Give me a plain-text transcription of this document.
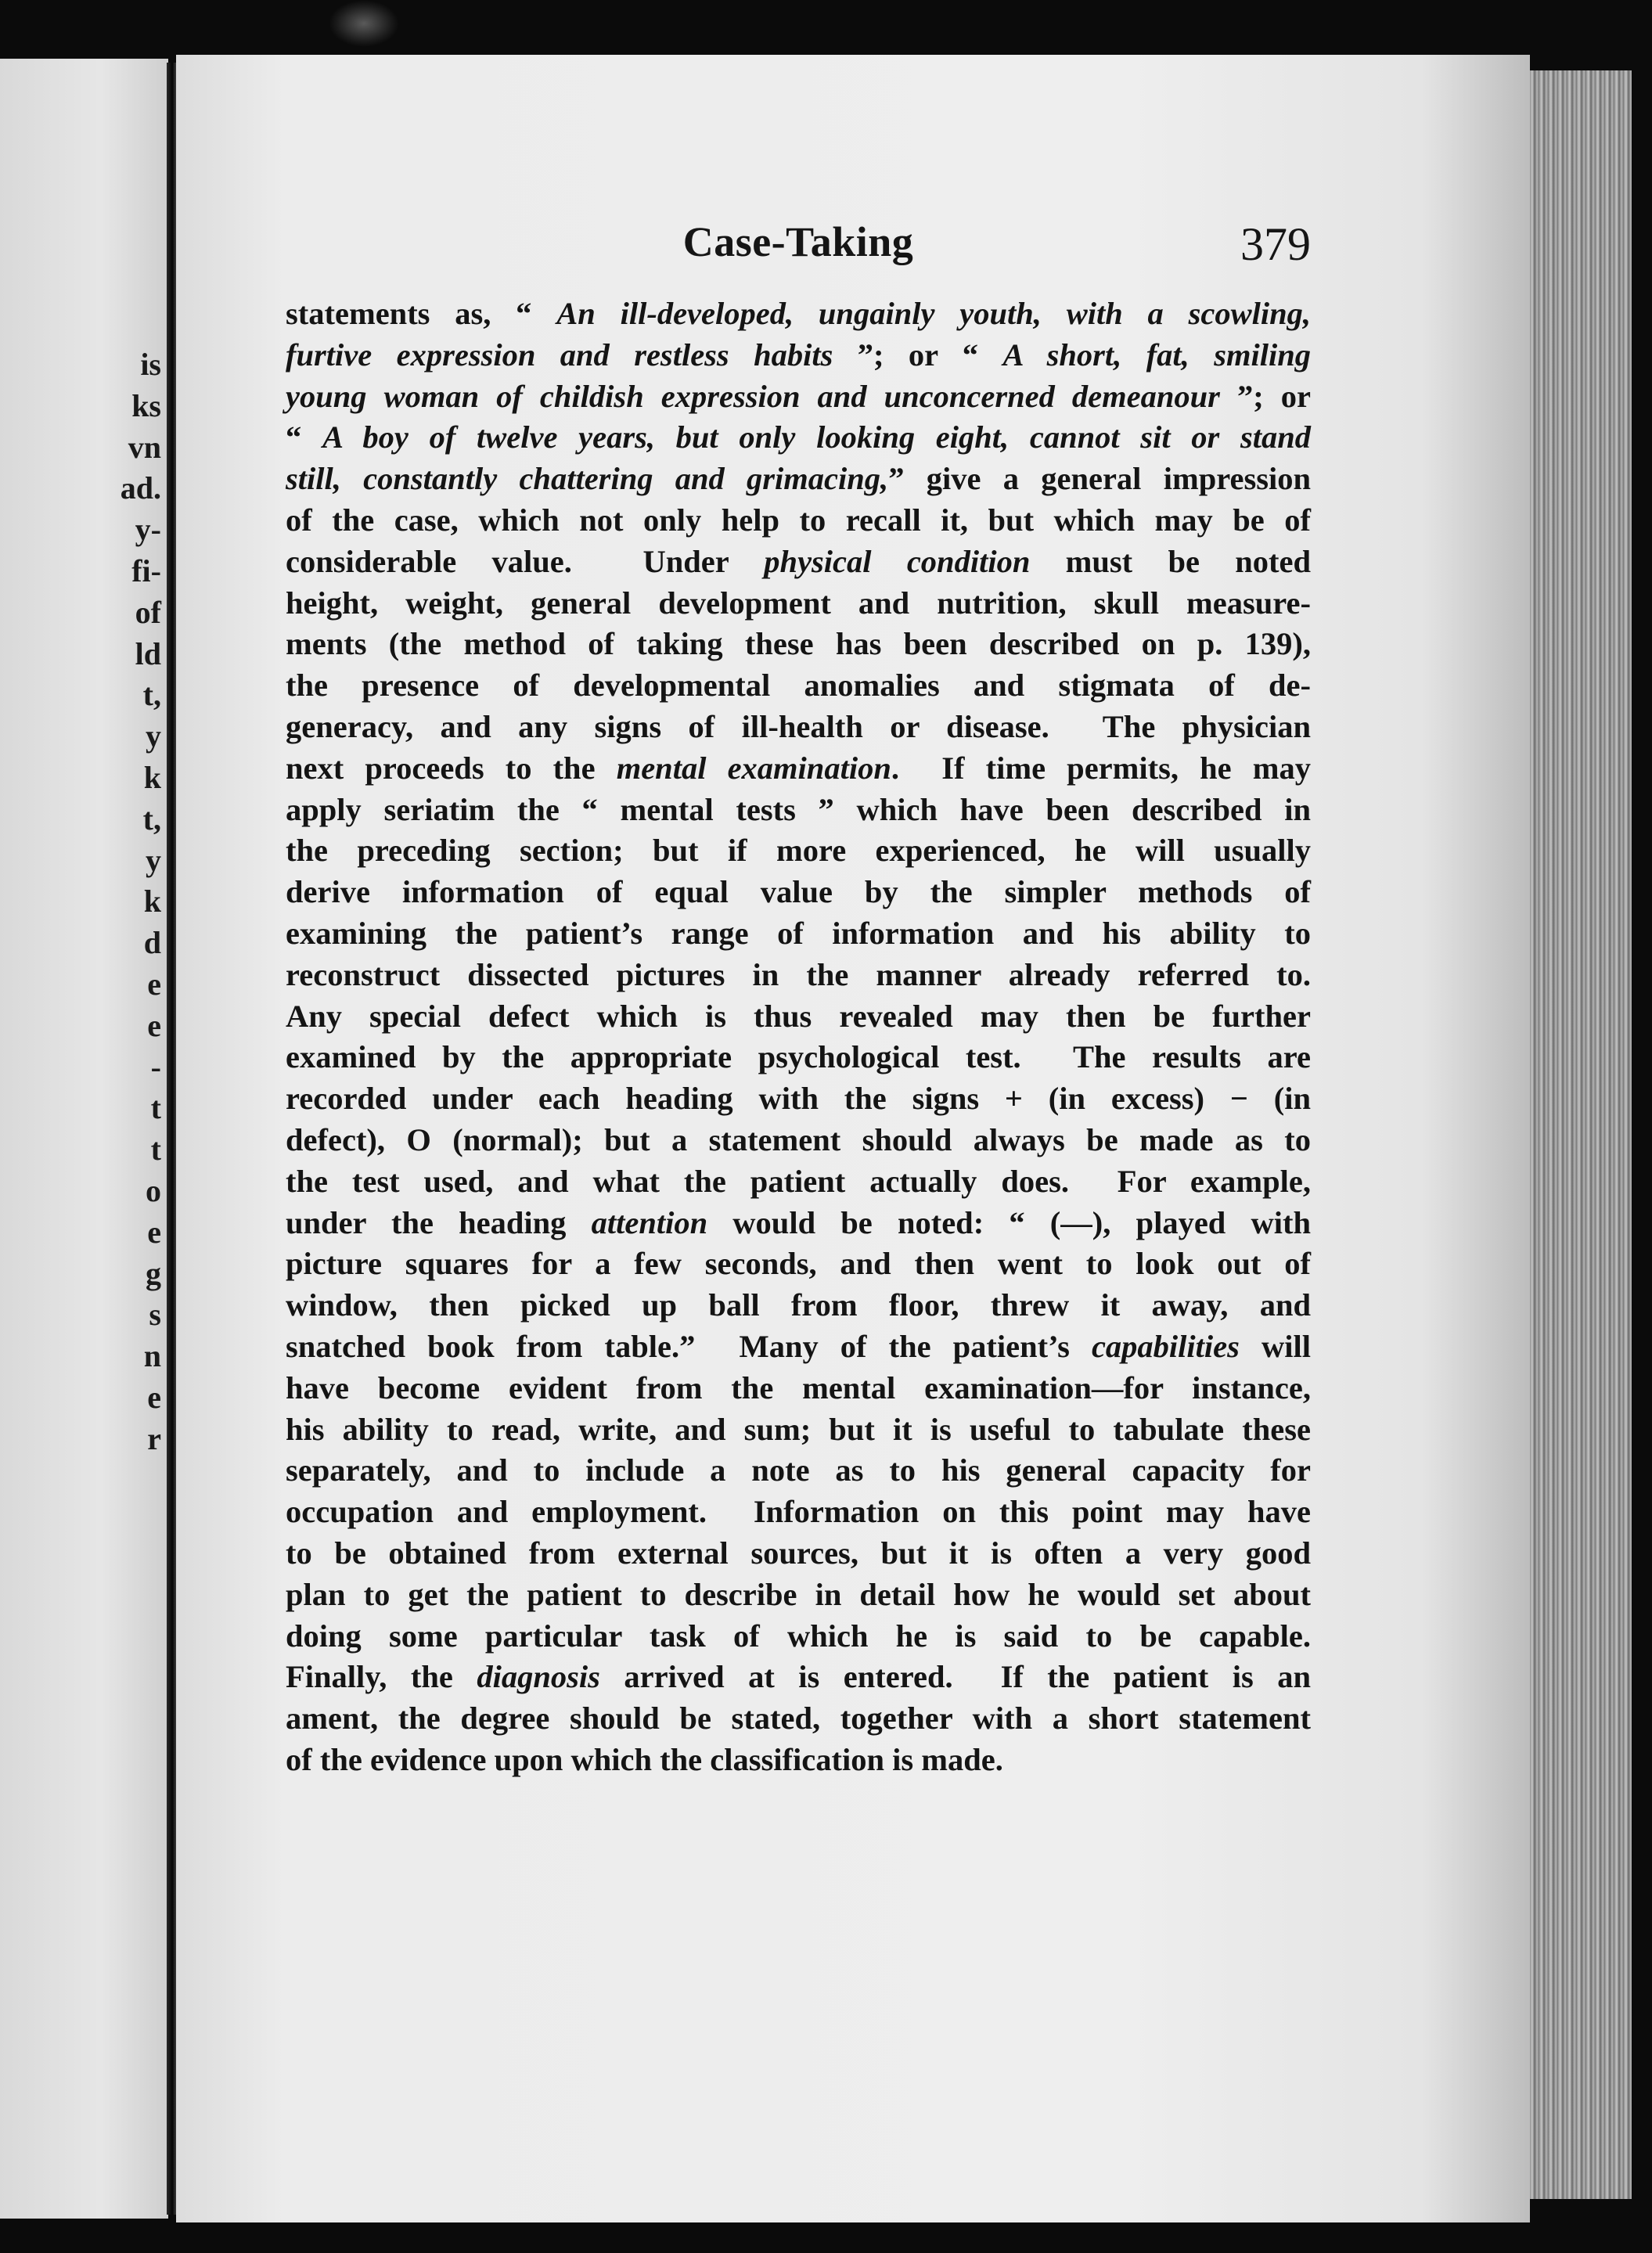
is
ks
vn
ad.
y-
fi-
of
ld
t,
y
k
t,
y
k
d
e
e
-
t
t
o
e
g
s
n
e
r
Case-Taking	379
statements as, “ An ill-developed, ungainly youth, with a scowling,
furtive expression and restless habits ”; or “ A short, fat, smiling
young woman of childish expression and unconcerned demeanour ”; or
“ A boy of twelve years, but only looking eight, cannot sit or stand
still, constantly chattering and grimacing,” give a general impression
of the case, which not only help to recall it, but which may be of
considerable value.  Under physical condition must be noted
height, weight, general development and nutrition, skull measure-
ments (the method of taking these has been described on p. 139),
the presence of developmental anomalies and stigmata of de-
generacy, and any signs of ill-health or disease.  The physician
next proceeds to the mental examination.  If time permits, he may
apply seriatim the “ mental tests ” which have been described in
the preceding section; but if more experienced, he will usually
derive information of equal value by the simpler methods of
examining the patient’s range of information and his ability to
reconstruct dissected pictures in the manner already referred to.
Any special defect which is thus revealed may then be further
examined by the appropriate psychological test.  The results are
recorded under each heading with the signs + (in excess) − (in
defect), O (normal); but a statement should always be made as to
the test used, and what the patient actually does.  For example,
under the heading attention would be noted: “ (—), played with
picture squares for a few seconds, and then went to look out of
window, then picked up ball from floor, threw it away, and
snatched book from table.”  Many of the patient’s capabilities will
have become evident from the mental examination—for instance,
his ability to read, write, and sum; but it is useful to tabulate these
separately, and to include a note as to his general capacity for
occupation and employment.  Information on this point may have
to be obtained from external sources, but it is often a very good
plan to get the patient to describe in detail how he would set about
doing some particular task of which he is said to be capable.
Finally, the diagnosis arrived at is entered.  If the patient is an
ament, the degree should be stated, together with a short statement
of the evidence upon which the classification is made.
